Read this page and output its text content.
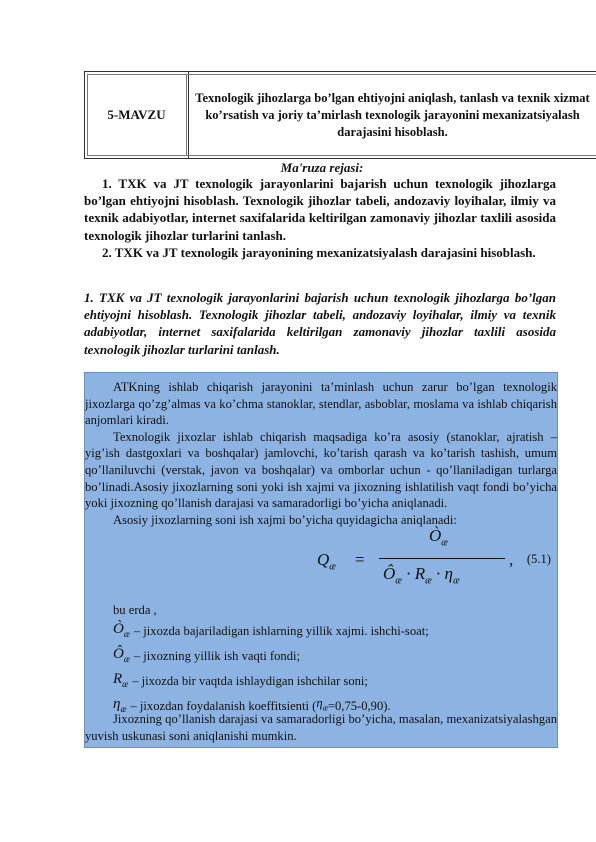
5-MAVZU
Texnologik jihozlarga bo’lgan ehtiyojni aniqlash, tanlash va texnik xizmat ko’rsatish va joriy ta’mirlash texnologik jarayonini mexanizatsiyalash darajasini hisoblash.
Ma'ruza rejasi:

1. TXK va JT texnologik jarayonlarini bajarish uchun texnologik jihozlarga bo’lgan ehtiyojni hisoblash. Texnologik jihozlar tabeli, andozaviy loyihalar, ilmiy va texnik adabiyotlar, internet saxifalarida keltirilgan zamonaviy jihozlar taxlili asosida texnologik jihozlar turlarini tanlash.

2. TXK va JT texnologik jarayonining mexanizatsiyalash darajasini hisoblash.

1. TXK va JT texnologik jarayonlarini bajarish uchun texnologik jihozlarga bo’lgan ehtiyojni hisoblash. Texnologik jihozlar tabeli, andozaviy loyihalar, ilmiy va texnik adabiyotlar, internet saxifalarida keltirilgan zamonaviy jihozlar taxlili asosida texnologik jihozlar turlarini tanlash.

ATKning ishlab chiqarish jarayonini ta’minlash uchun zarur bo’lgan texnologik jixozlarga qo’zg’almas va ko’chma stanoklar, stendlar, asboblar, moslama va ishlab chiqarish anjomlari kiradi.

Texnologik jixozlar ishlab chiqarish maqsadiga ko’ra asosiy (stanoklar, ajratish – yig’ish dastgoxlari va boshqalar) jamlovchi, ko’tarish qarash va ko’tarish tashish, umum qo’llaniluvchi (verstak, javon va boshqalar) va omborlar uchun - qo’llaniladigan turlarga bo’linadi.Asosiy jixozlarning soni yoki ish xajmi va jixozning ishlatilish vaqt fondi bo’yicha yoki jixozning qo’llanish darajasi va samaradorligi bo’yicha aniqlanadi.

Asosiy jixozlarning soni ish xajmi bo’yicha quyidagicha aniqlanadi:

$Q_æ$ =
$Ò_æ$
$Ô_æ \cdot R_æ \cdot \eta_æ$
, (5.1)
bu erda ,
$Ò_æ$ – jixozda bajariladigan ishlarning yillik xajmi. ishchi-soat;
$Ô_æ$ – jixozning yillik ish vaqti fondi;
$R_æ$ – jixozda bir vaqtda ishlaydigan ishchilar soni;
$\eta_æ$ – jixozdan foydalanish koeffitsienti ( $\eta_æ =0,75-0,90$).

Jixozning qo’llanish darajasi va samaradorligi bo’yicha, masalan, mexanizatsiyalashgan yuvish uskunasi soni aniqlanishi mumkin.
